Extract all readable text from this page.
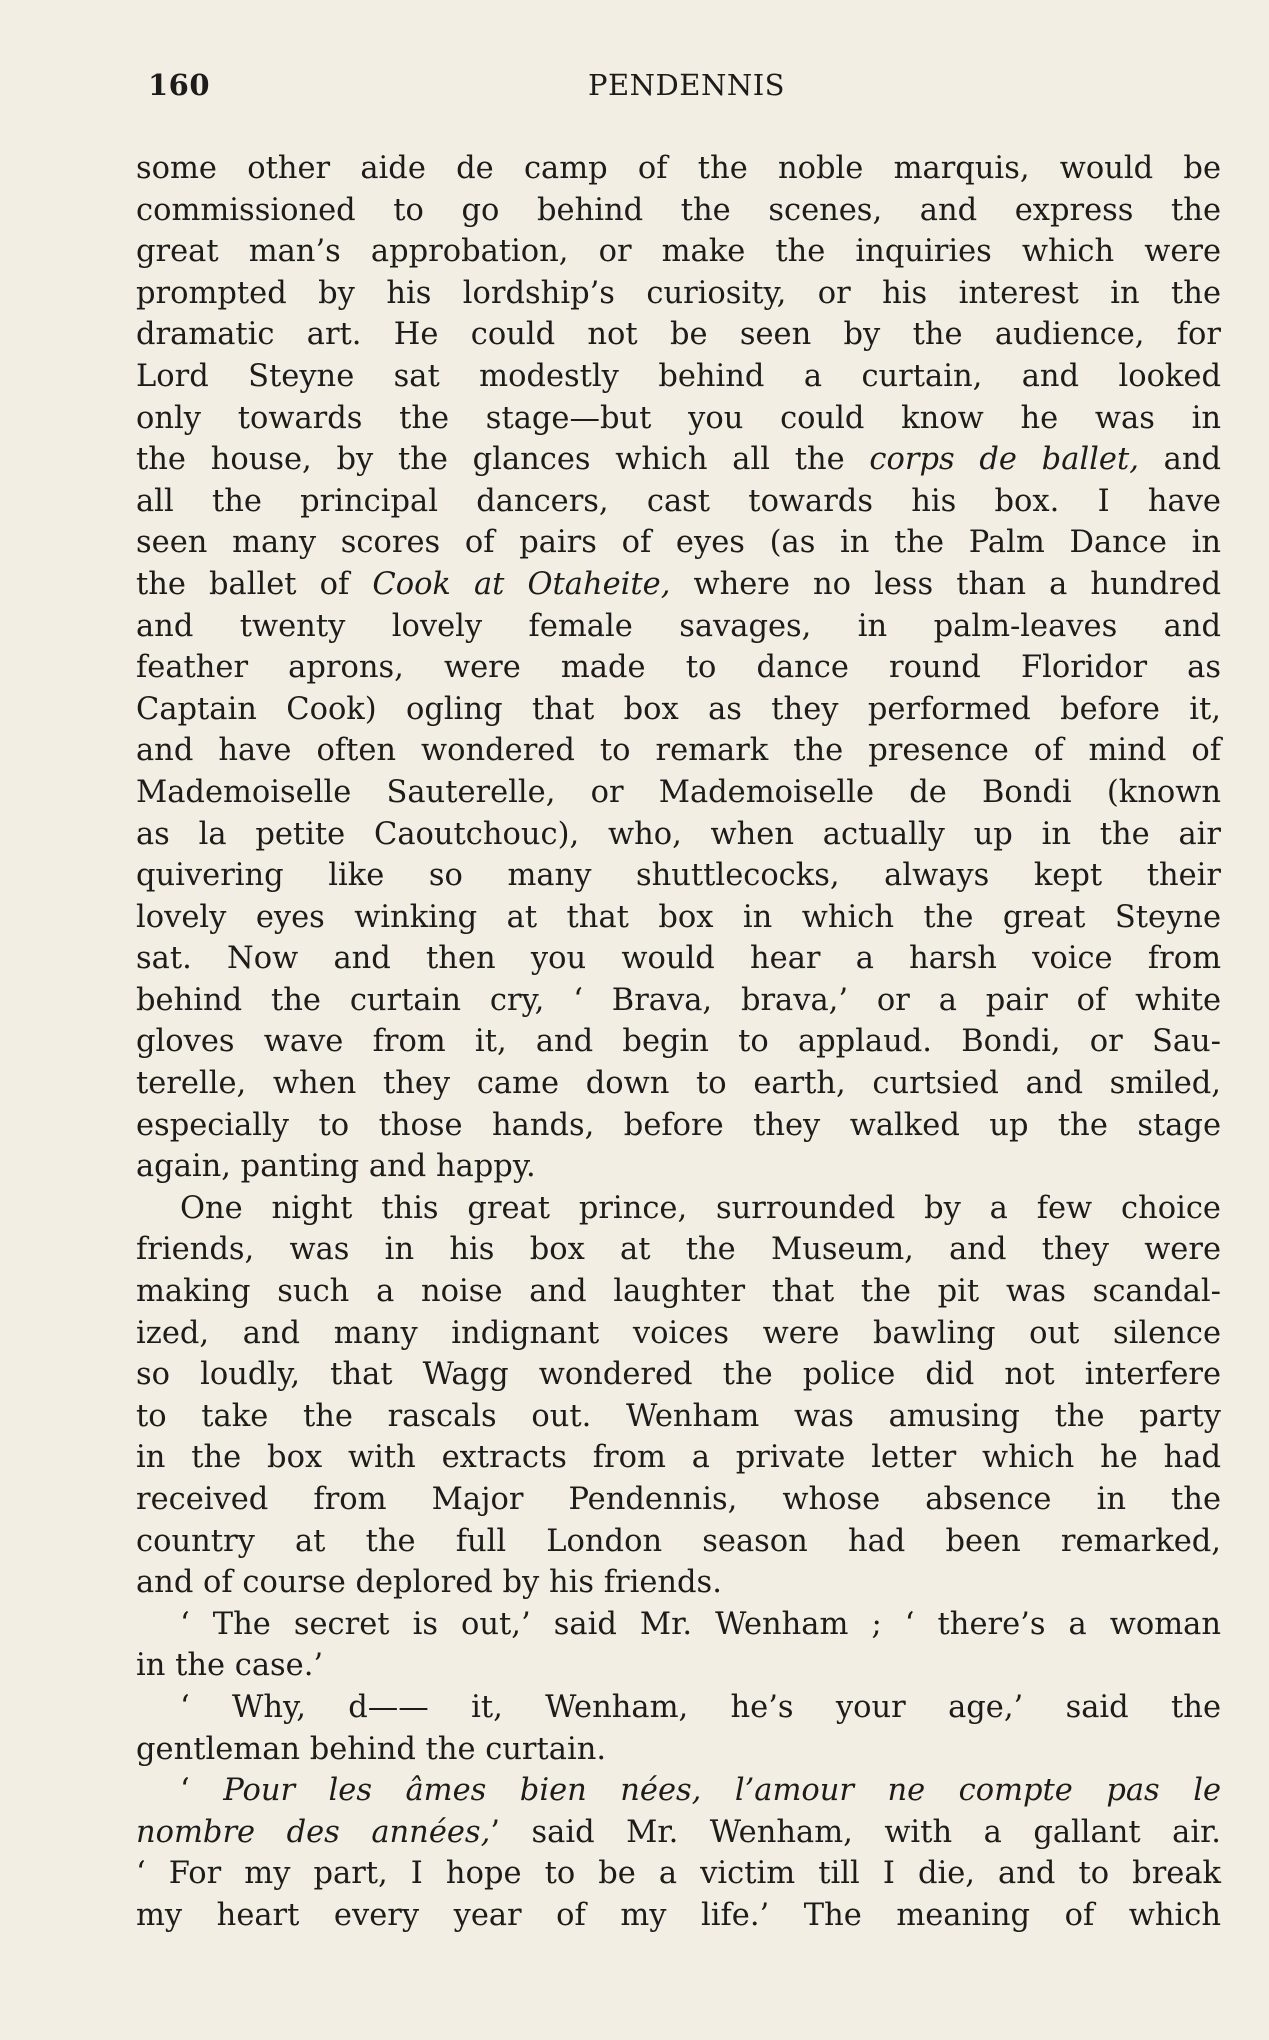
160	PENDENNIS
some other aide de camp of the noble marquis, would be
commissioned to go behind the scenes, and express the
great man’s approbation, or make the inquiries which were
prompted by his lordship’s curiosity, or his interest in the
dramatic art. He could not be seen by the audience, for
Lord Steyne sat modestly behind a curtain, and looked
only towards the stage—but you could know he was in
the house, by the glances which all the corps de ballet, and
all the principal dancers, cast towards his box. I have
seen many scores of pairs of eyes (as in the Palm Dance in
the ballet of Cook at Otaheite, where no less than a hundred
and twenty lovely female savages, in palm-leaves and
feather aprons, were made to dance round Floridor as
Captain Cook) ogling that box as they performed before it,
and have often wondered to remark the presence of mind of
Mademoiselle Sauterelle, or Mademoiselle de Bondi (known
as la petite Caoutchouc), who, when actually up in the air
quivering like so many shuttlecocks, always kept their
lovely eyes winking at that box in which the great Steyne
sat. Now and then you would hear a harsh voice from
behind the curtain cry, ‘ Brava, brava,’ or a pair of white
gloves wave from it, and begin to applaud. Bondi, or Sau-
terelle, when they came down to earth, curtsied and smiled,
especially to those hands, before they walked up the stage
again, panting and happy.
One night this great prince, surrounded by a few choice
friends, was in his box at the Museum, and they were
making such a noise and laughter that the pit was scandal-
ized, and many indignant voices were bawling out silence
so loudly, that Wagg wondered the police did not interfere
to take the rascals out. Wenham was amusing the party
in the box with extracts from a private letter which he had
received from Major Pendennis, whose absence in the
country at the full London season had been remarked,
and of course deplored by his friends.
‘ The secret is out,’ said Mr. Wenham ; ‘ there’s a woman
in the case.’
‘ Why, d—— it, Wenham, he’s your age,’ said the
gentleman behind the curtain.
‘ Pour les âmes bien nées, l’amour ne compte pas le
nombre des années,’ said Mr. Wenham, with a gallant air.
‘ For my part, I hope to be a victim till I die, and to break
my heart every year of my life.’ The meaning of which
